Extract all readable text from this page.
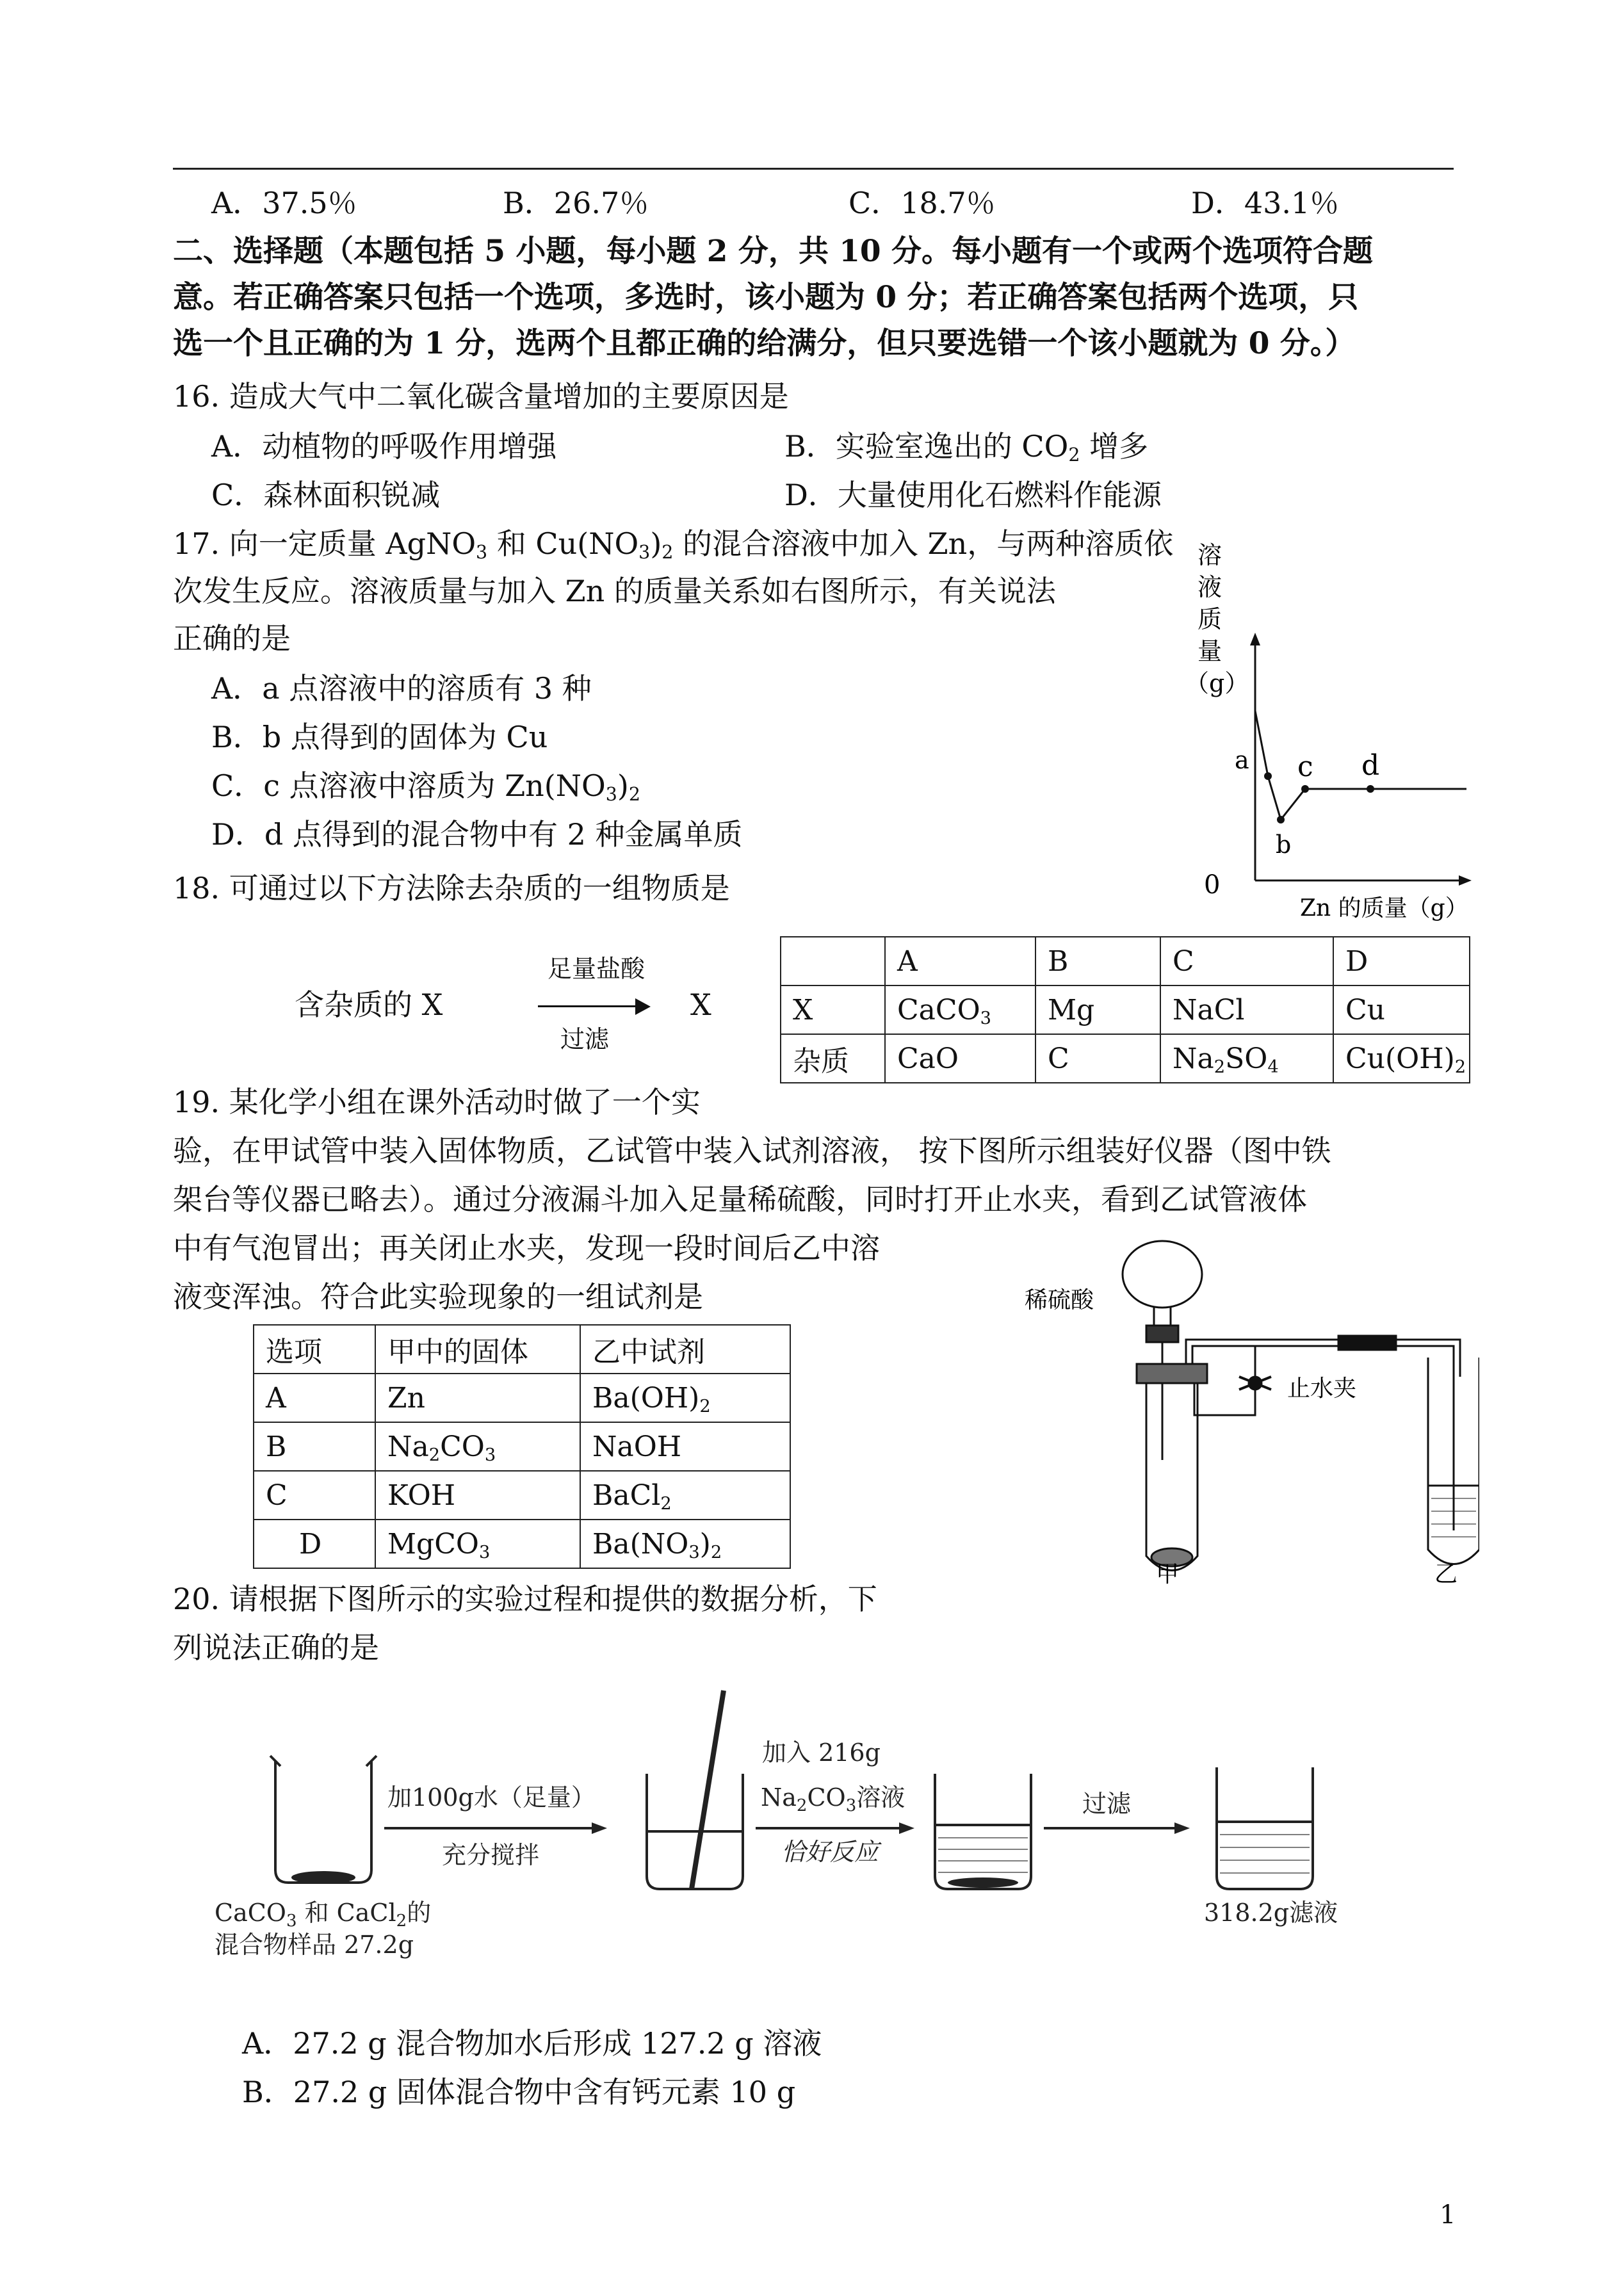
A．37.5％	B．26.7％	C．18.7％	D．43.1％
二、选择题（本题包括 5 小题，每小题 2 分，共 10 分。每小题有一个或两个选项符合题
意。若正确答案只包括一个选项，多选时，该小题为 0 分；若正确答案包括两个选项，只
选一个且正确的为 1 分，选两个且都正确的给满分，但只要选错一个该小题就为 0 分。）
16. 造成大气中二氧化碳含量增加的主要原因是
A．动植物的呼吸作用增强	B．实验室逸出的 $CO_2$ 增多
C．森林面积锐减	D．大量使用化石燃料作能源
17. 向一定质量 AgNO$_3$ 和 $Cu(NO_3)_2$ 的混合溶液中加入 Zn，与两种溶质依
次发生反应。溶液质量与加入 Zn 的质量关系如右图所示，有关说法
正确的是
A．a 点溶液中的溶质有 3 种
B．b 点得到的固体为 Cu
C．c 点溶液中溶质为 $Zn(NO_3)_2$
D．d 点得到的混合物中有 2 种金属单质
溶
液
质
量
（g）
a
b
c d
0
Zn 的质量（g）
18. 可通过以下方法除去杂质的一组物质是
含杂质的 X
足量盐酸
过滤
X
	A	B	C	D
X	CaCO$_3$	Mg	NaCl	Cu
杂质	CaO	C	$Na_2SO_4$	$Cu(OH)_2$
19. 某化学小组在课外活动时做了一个实
验，在甲试管中装入固体物质，乙试管中装入试剂溶液， 按下图所示组装好仪器（图中铁
架台等仪器已略去）。通过分液漏斗加入足量稀硫酸，同时打开止水夹，看到乙试管液体
中有气泡冒出；再关闭止水夹，发现一段时间后乙中溶
液变浑浊。符合此实验现象的一组试剂是
选项	甲中的固体	乙中试剂
A	Zn	$Ba(OH)_2$
B	$Na_2CO_3$	NaOH
C	KOH	BaCl$_2$
D	MgCO$_3$	$Ba(NO_3)_2$
稀硫酸
止水夹
甲	乙
20. 请根据下图所示的实验过程和提供的数据分析，下
列说法正确的是
加100g水（足量）
充分搅拌
加入 216g
$Na_2CO_3$溶液
恰好反应
过滤
CaCO$_3$ 和 CaCl$_2$的
混合物样品 27.2g
318.2g滤液
A．27.2 g 混合物加水后形成 127.2 g 溶液
B．27.2 g 固体混合物中含有钙元素 10 g
1
